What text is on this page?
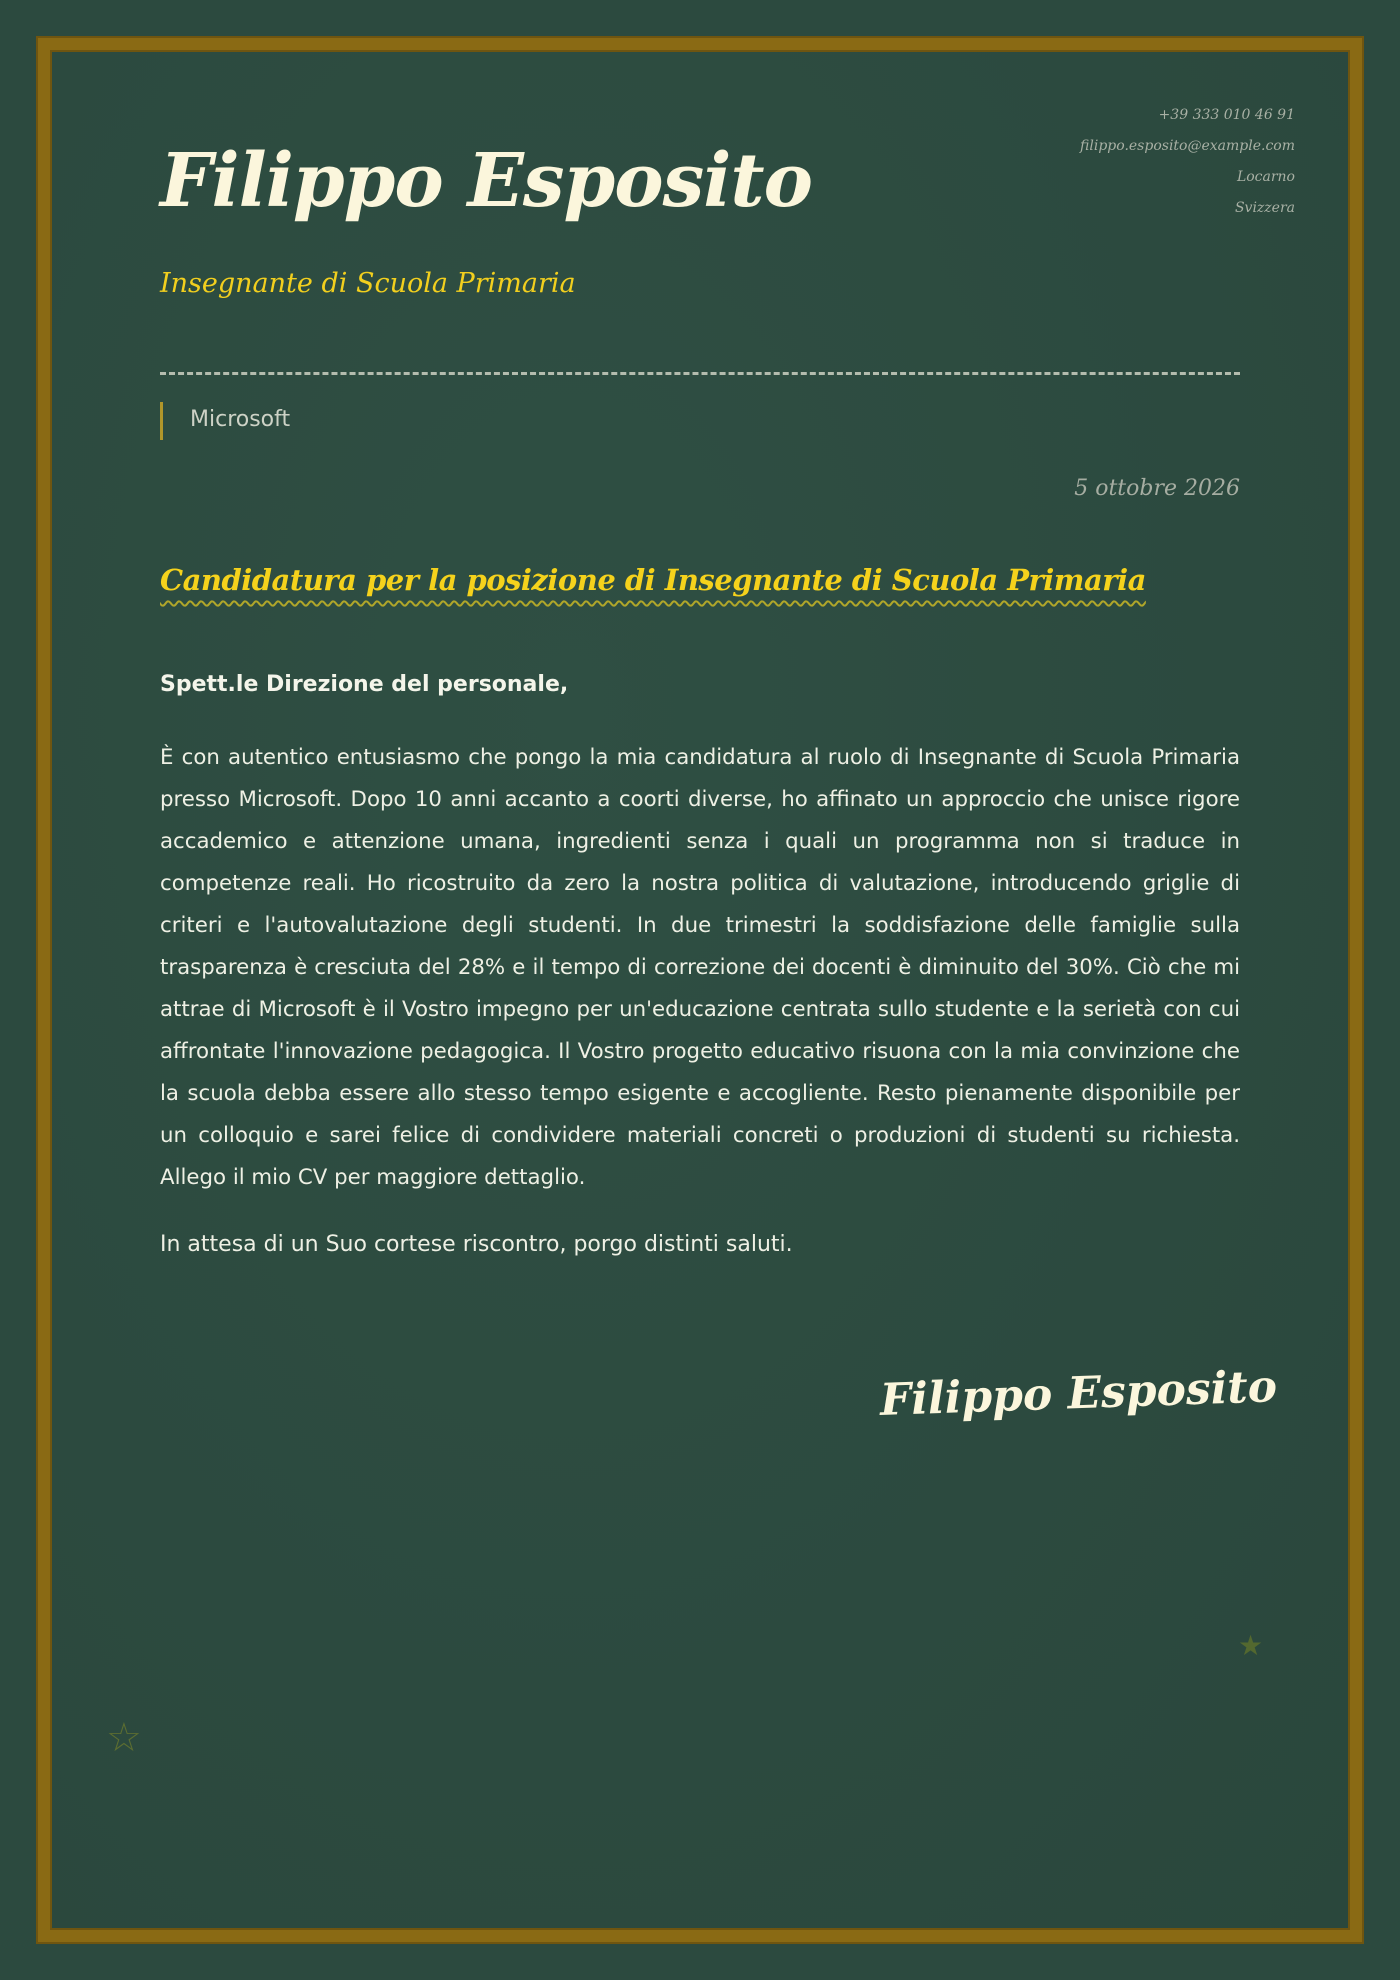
+39 333 010 46 91
filippo.esposito@example.com
Locarno
Svizzera
Filippo Esposito
Insegnante di Scuola Primaria
Microsoft
5 ottobre 2026
Candidatura per la posizione di Insegnante di Scuola Primaria
Spett.le Direzione del personale,

È con autentico entusiasmo che pongo la mia candidatura al ruolo di Insegnante di Scuola Primaria presso Microsoft. Dopo 10 anni accanto a coorti diverse, ho affinato un approccio che unisce rigore accademico e attenzione umana, ingredienti senza i quali un programma non si traduce in competenze reali. Ho ricostruito da zero la nostra politica di valutazione, introducendo griglie di criteri e l'autovalutazione degli studenti. In due trimestri la soddisfazione delle famiglie sulla trasparenza è cresciuta del 28% e il tempo di correzione dei docenti è diminuito del 30%. Ciò che mi attrae di Microsoft è il Vostro impegno per un'educazione centrata sullo studente e la serietà con cui affrontate l'innovazione pedagogica. Il Vostro progetto educativo risuona con la mia convinzione che la scuola debba essere allo stesso tempo esigente e accogliente. Resto pienamente disponibile per un colloquio e sarei felice di condividere materiali concreti o produzioni di studenti su richiesta. Allego il mio CV per maggiore dettaglio.

In attesa di un Suo cortese riscontro, porgo distinti saluti.
Filippo Esposito
☆
★
